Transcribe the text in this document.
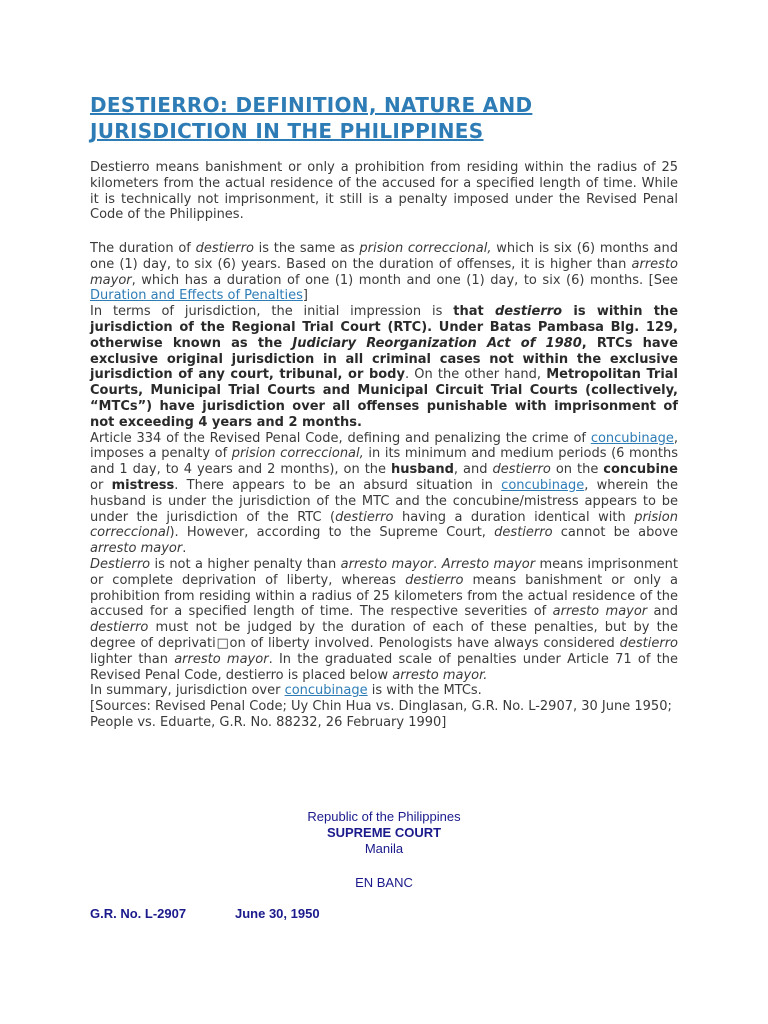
DESTIERRO: DEFINITION, NATURE AND JURISDICTION IN THE PHILIPPINES

Destierro means banishment or only a prohibition from residing within the radius of 25 kilometers from the actual residence of the accused for a specified length of time. While it is technically not imprisonment, it still is a penalty imposed under the Revised Penal Code of the Philippines.

The duration of destierro is the same as prision correccional, which is six (6) months and one (1) day, to six (6) years. Based on the duration of offenses, it is higher than arresto mayor, which has a duration of one (1) month and one (1) day, to six (6) months. [See Duration and Effects of Penalties]

In terms of jurisdiction, the initial impression is that destierro is within the jurisdiction of the Regional Trial Court (RTC). Under Batas Pambasa Blg. 129, otherwise known as the Judiciary Reorganization Act of 1980, RTCs have exclusive original jurisdiction in all criminal cases not within the exclusive jurisdiction of any court, tribunal, or body. On the other hand, Metropolitan Trial Courts, Municipal Trial Courts and Municipal Circuit Trial Courts (collectively, “MTCs”) have jurisdiction over all offenses punishable with imprisonment of not exceeding 4 years and 2 months.

Article 334 of the Revised Penal Code, defining and penalizing the crime of concubinage, imposes a penalty of prision correccional, in its minimum and medium periods (6 months and 1 day, to 4 years and 2 months), on the husband, and destierro on the concubine or mistress. There appears to be an absurd situation in concubinage, wherein the husband is under the jurisdiction of the MTC and the concubine/mistress appears to be under the jurisdiction of the RTC (destierro having a duration identical with prision correccional). However, according to the Supreme Court, destierro cannot be above arresto mayor.

Destierro is not a higher penalty than arresto mayor. Arresto mayor means imprisonment or complete deprivation of liberty, whereas destierro means banishment or only a prohibition from residing within a radius of 25 kilometers from the actual residence of the accused for a specified length of time. The respective severities of arresto mayor and destierro must not be judged by the duration of each of these penalties, but by the degree of deprivati□on of liberty involved. Penologists have always considered destierro lighter than arresto mayor. In the graduated scale of penalties under Article 71 of the Revised Penal Code, destierro is placed below arresto mayor.

In summary, jurisdiction over concubinage is with the MTCs.

[Sources: Revised Penal Code; Uy Chin Hua vs. Dinglasan, G.R. No. L-2907, 30 June 1950; People vs. Eduarte, G.R. No. 88232, 26 February 1990]

Republic of the Philippines

SUPREME COURT

Manila

EN BANC

G.R. No. L-2907	June 30, 1950
